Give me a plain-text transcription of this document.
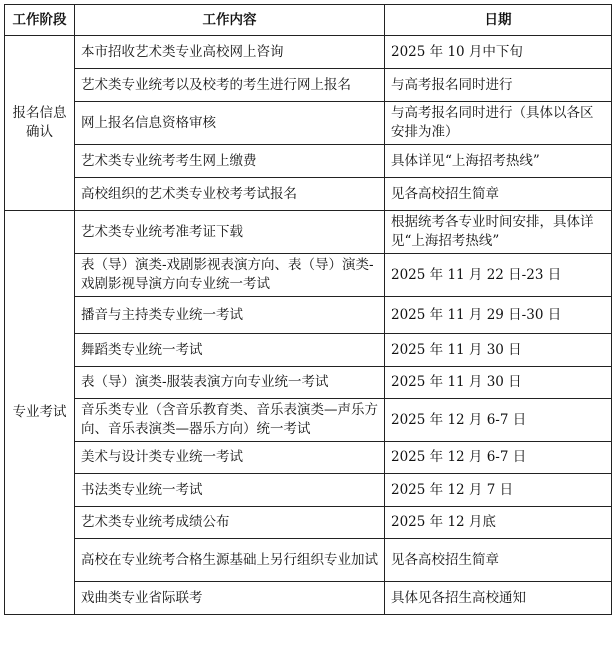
工作阶段	工作内容	日期
报名信息确认	本市招收艺术类专业高校网上咨询	2025 年 10 月中下旬
	艺术类专业统考以及校考的考生进行网上报名	与高考报名同时进行
	网上报名信息资格审核	与高考报名同时进行（具体以各区安排为准）
	艺术类专业统考考生网上缴费	具体详见“上海招考热线”
	高校组织的艺术类专业校考考试报名	见各高校招生简章
专业考试	艺术类专业统考准考证下载	根据统考各专业时间安排，具体详见“上海招考热线”
	表（导）演类-戏剧影视表演方向、表（导）演类-戏剧影视导演方向专业统一考试	2025 年 11 月 22 日-23 日
	播音与主持类专业统一考试	2025 年 11 月 29 日-30 日
	舞蹈类专业统一考试	2025 年 11 月 30 日
	表（导）演类-服装表演方向专业统一考试	2025 年 11 月 30 日
	音乐类专业（含音乐教育类、音乐表演类—声乐方向、音乐表演类—器乐方向）统一考试	2025 年 12 月 6-7 日
	美术与设计类专业统一考试	2025 年 12 月 6-7 日
	书法类专业统一考试	2025 年 12 月 7 日
	艺术类专业统考成绩公布	2025 年 12 月底
	高校在专业统考合格生源基础上另行组织专业加试	见各高校招生简章
	戏曲类专业省际联考	具体见各招生高校通知
